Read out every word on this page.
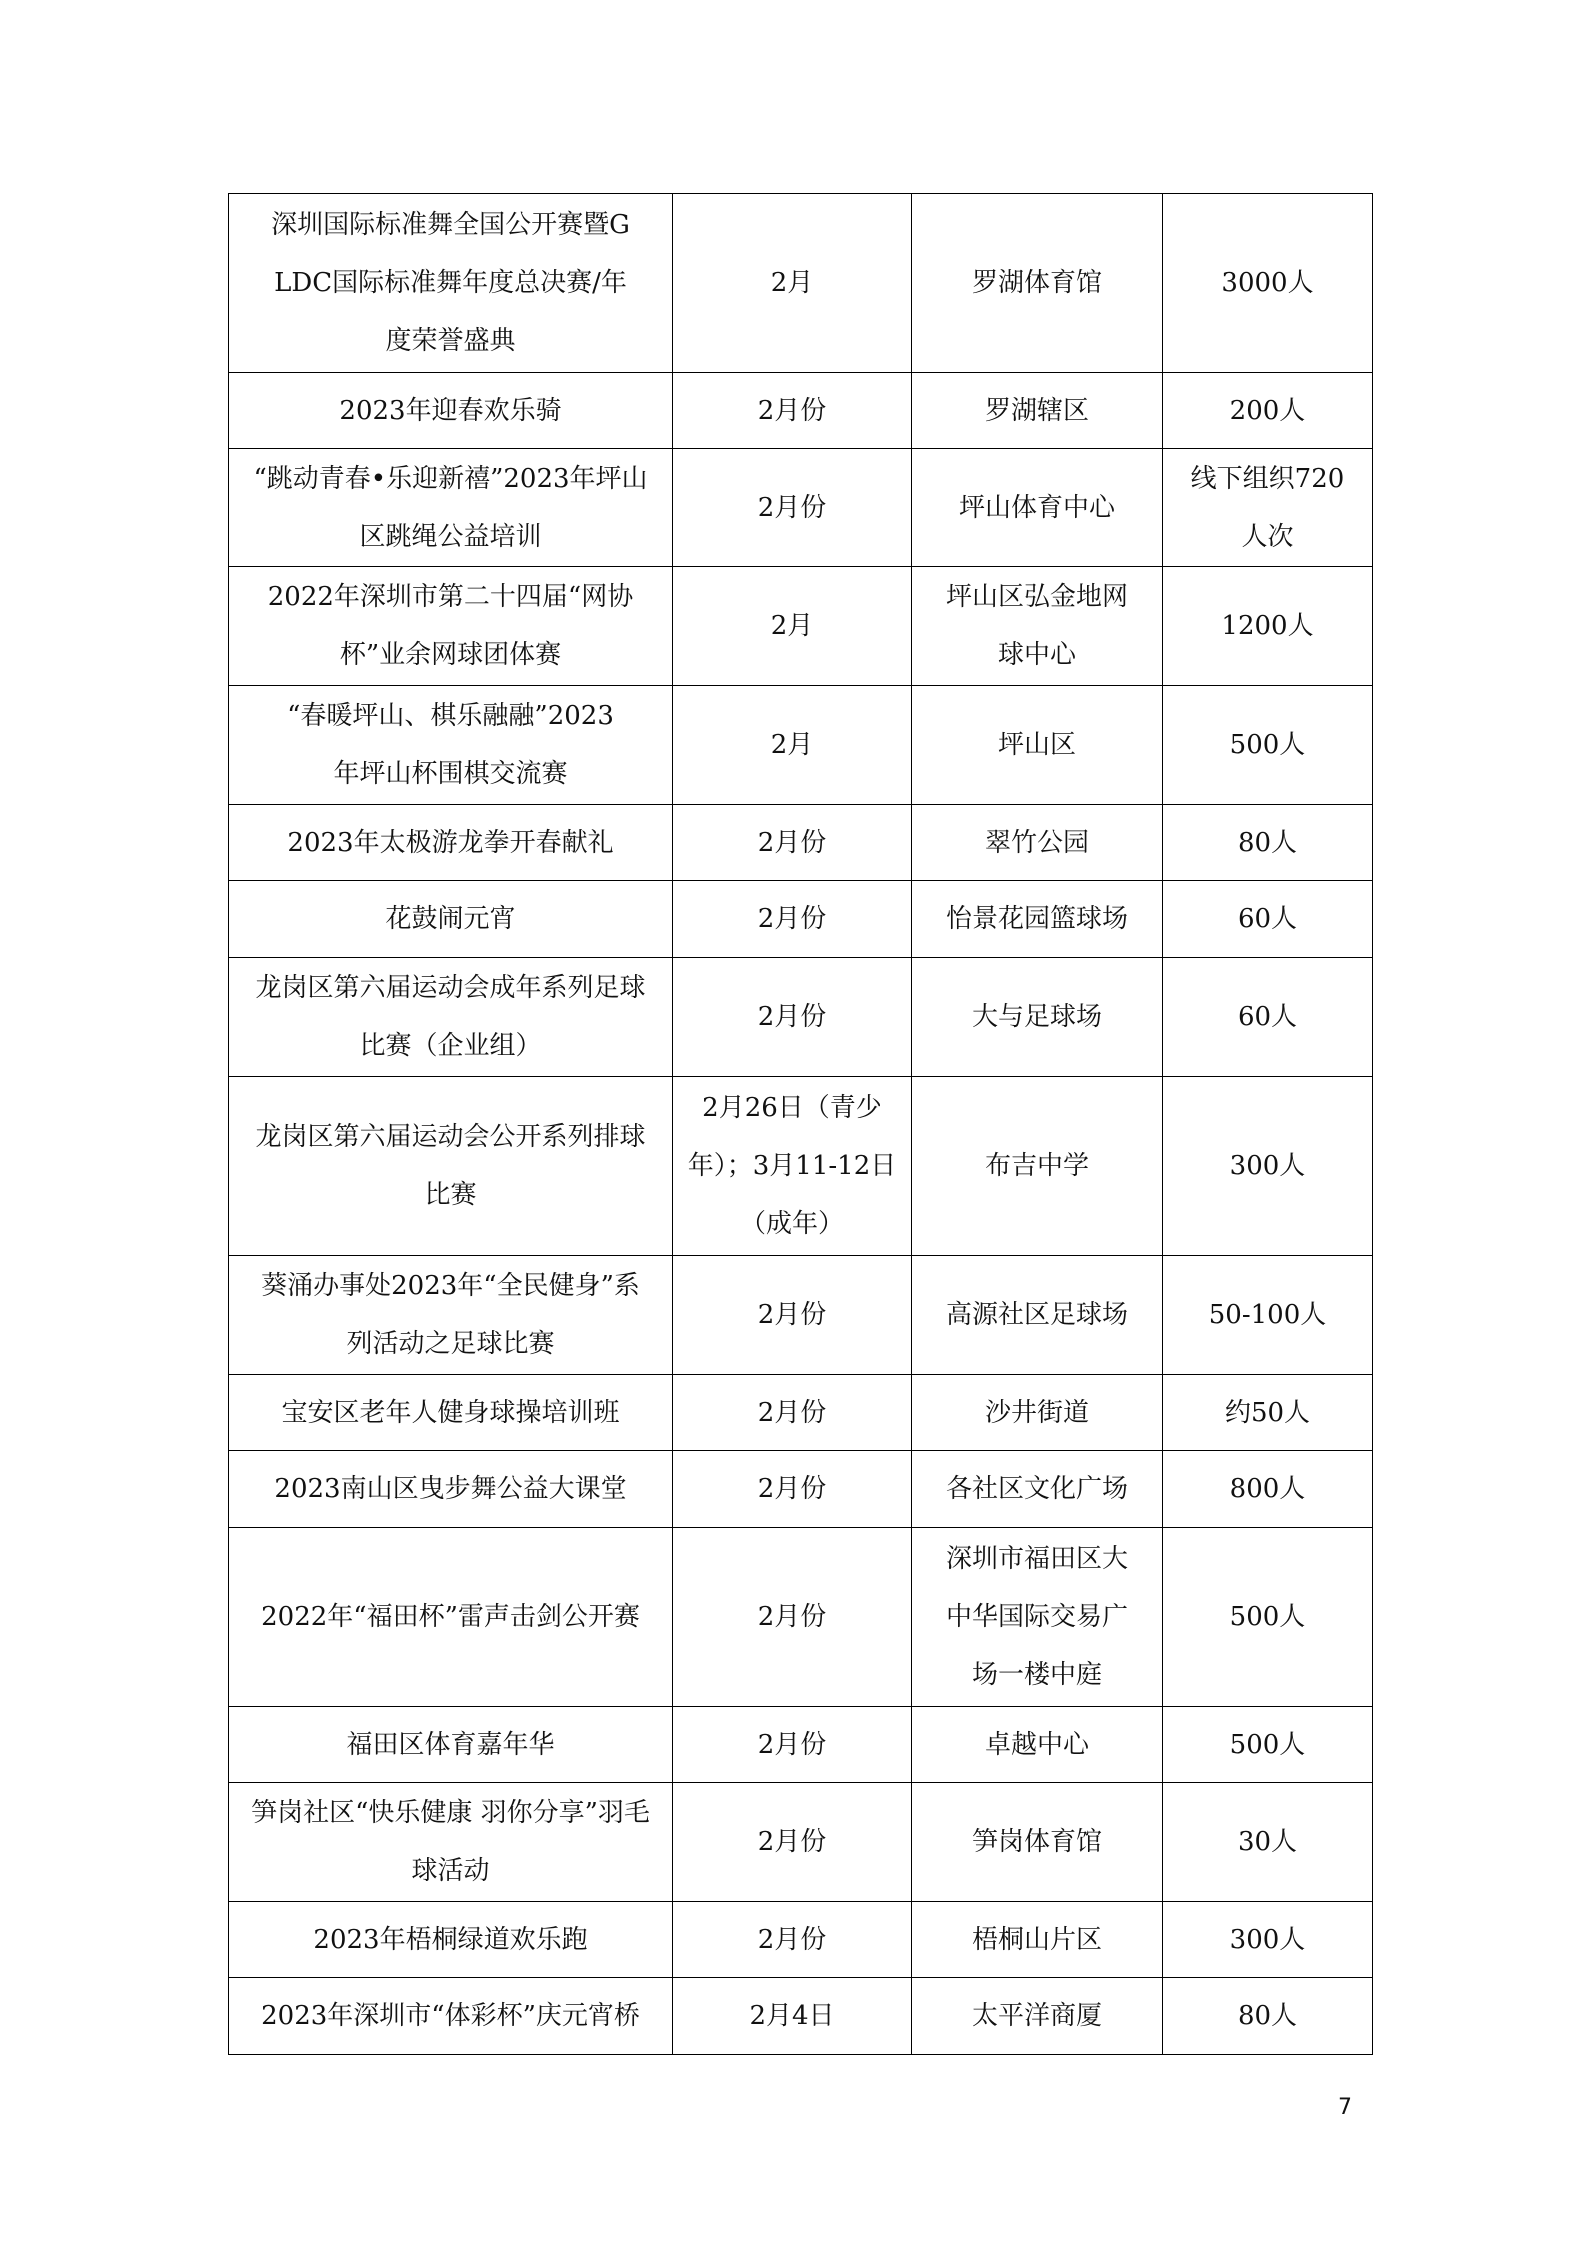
深圳国际标准舞全国公开赛暨GLDC国际标准舞年度总决赛/年度荣誉盛典	2月	罗湖体育馆	3000人
2023年迎春欢乐骑	2月份	罗湖辖区	200人
“跳动青春•乐迎新禧”2023年坪山区跳绳公益培训	2月份	坪山体育中心	线下组织720人次
2022年深圳市第二十四届“网协杯”业余网球团体赛	2月	坪山区弘金地网球中心	1200人
“春暖坪山、棋乐融融”2023年坪山杯围棋交流赛	2月	坪山区	500人
2023年太极游龙拳开春献礼	2月份	翠竹公园	80人
花鼓闹元宵	2月份	怡景花园篮球场	60人
龙岗区第六届运动会成年系列足球比赛（企业组）	2月份	大与足球场	60人
龙岗区第六届运动会公开系列排球比赛	2月26日（青少年）；3月11-12日（成年）	布吉中学	300人
葵涌办事处2023年“全民健身”系列活动之足球比赛	2月份	高源社区足球场	50-100人
宝安区老年人健身球操培训班	2月份	沙井街道	约50人
2023南山区曳步舞公益大课堂	2月份	各社区文化广场	800人
2022年“福田杯”雷声击剑公开赛	2月份	深圳市福田区大中华国际交易广场一楼中庭	500人
福田区体育嘉年华	2月份	卓越中心	500人
笋岗社区“快乐健康 羽你分享”羽毛球活动	2月份	笋岗体育馆	30人
2023年梧桐绿道欢乐跑	2月份	梧桐山片区	300人
2023年深圳市“体彩杯”庆元宵桥	2月4日	太平洋商厦	80人
7
